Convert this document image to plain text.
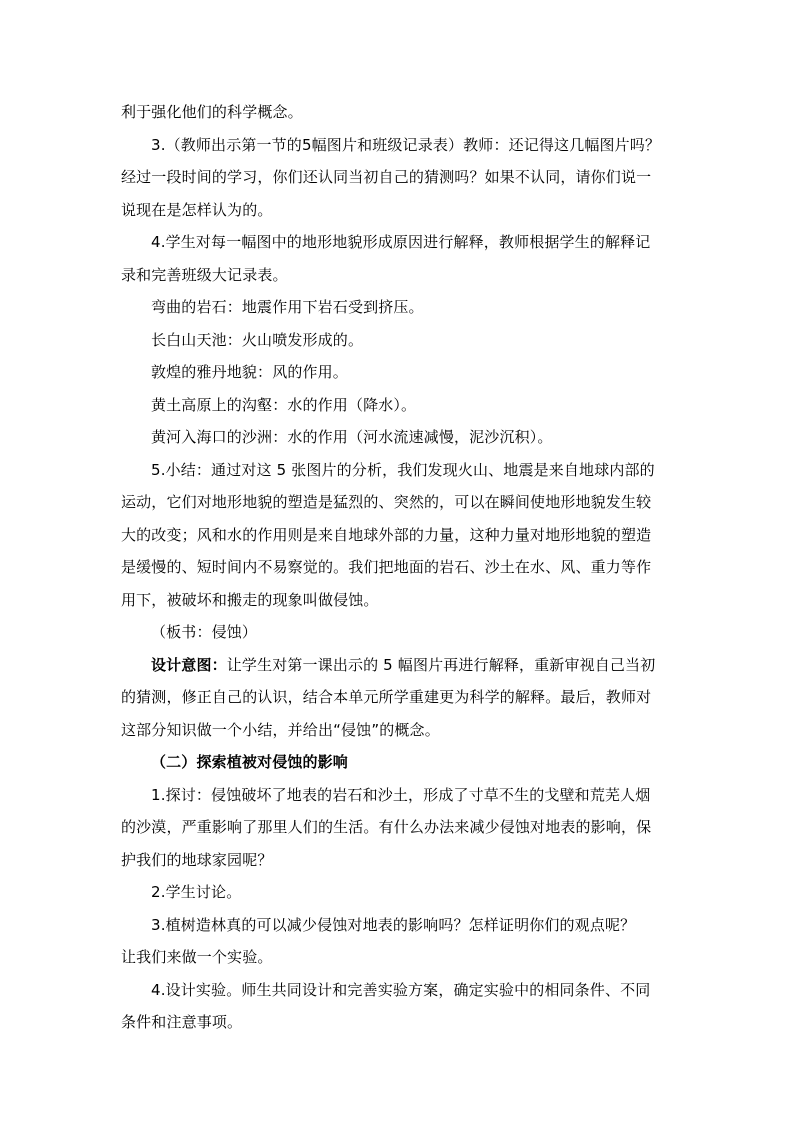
利于强化他们的科学概念。
3.（教师出示第一节的5幅图片和班级记录表）教师：还记得这几幅图片吗？
经过一段时间的学习，你们还认同当初自己的猜测吗？如果不认同，请你们说一
说现在是怎样认为的。
4.学生对每一幅图中的地形地貌形成原因进行解释，教师根据学生的解释记
录和完善班级大记录表。
弯曲的岩石：地震作用下岩石受到挤压。
长白山天池：火山喷发形成的。
敦煌的雅丹地貌：风的作用。
黄土高原上的沟壑：水的作用（降水）。
黄河入海口的沙洲：水的作用（河水流速减慢，泥沙沉积）。
5.小结：通过对这 5 张图片的分析，我们发现火山、地震是来自地球内部的
运动，它们对地形地貌的塑造是猛烈的、突然的，可以在瞬间使地形地貌发生较
大的改变；风和水的作用则是来自地球外部的力量，这种力量对地形地貌的塑造
是缓慢的、短时间内不易察觉的。我们把地面的岩石、沙土在水、风、重力等作
用下，被破坏和搬走的现象叫做侵蚀。
（板书：侵蚀）
设计意图：让学生对第一课出示的 5 幅图片再进行解释，重新审视自己当初
的猜测，修正自己的认识，结合本单元所学重建更为科学的解释。最后，教师对
这部分知识做一个小结，并给出“侵蚀”的概念。
（二）探索植被对侵蚀的影响
1.探讨：侵蚀破坏了地表的岩石和沙土，形成了寸草不生的戈壁和荒芜人烟
的沙漠，严重影响了那里人们的生活。有什么办法来减少侵蚀对地表的影响，保
护我们的地球家园呢？
2.学生讨论。
3.植树造林真的可以减少侵蚀对地表的影响吗？怎样证明你们的观点呢？
让我们来做一个实验。
4.设计实验。师生共同设计和完善实验方案，确定实验中的相同条件、不同
条件和注意事项。
